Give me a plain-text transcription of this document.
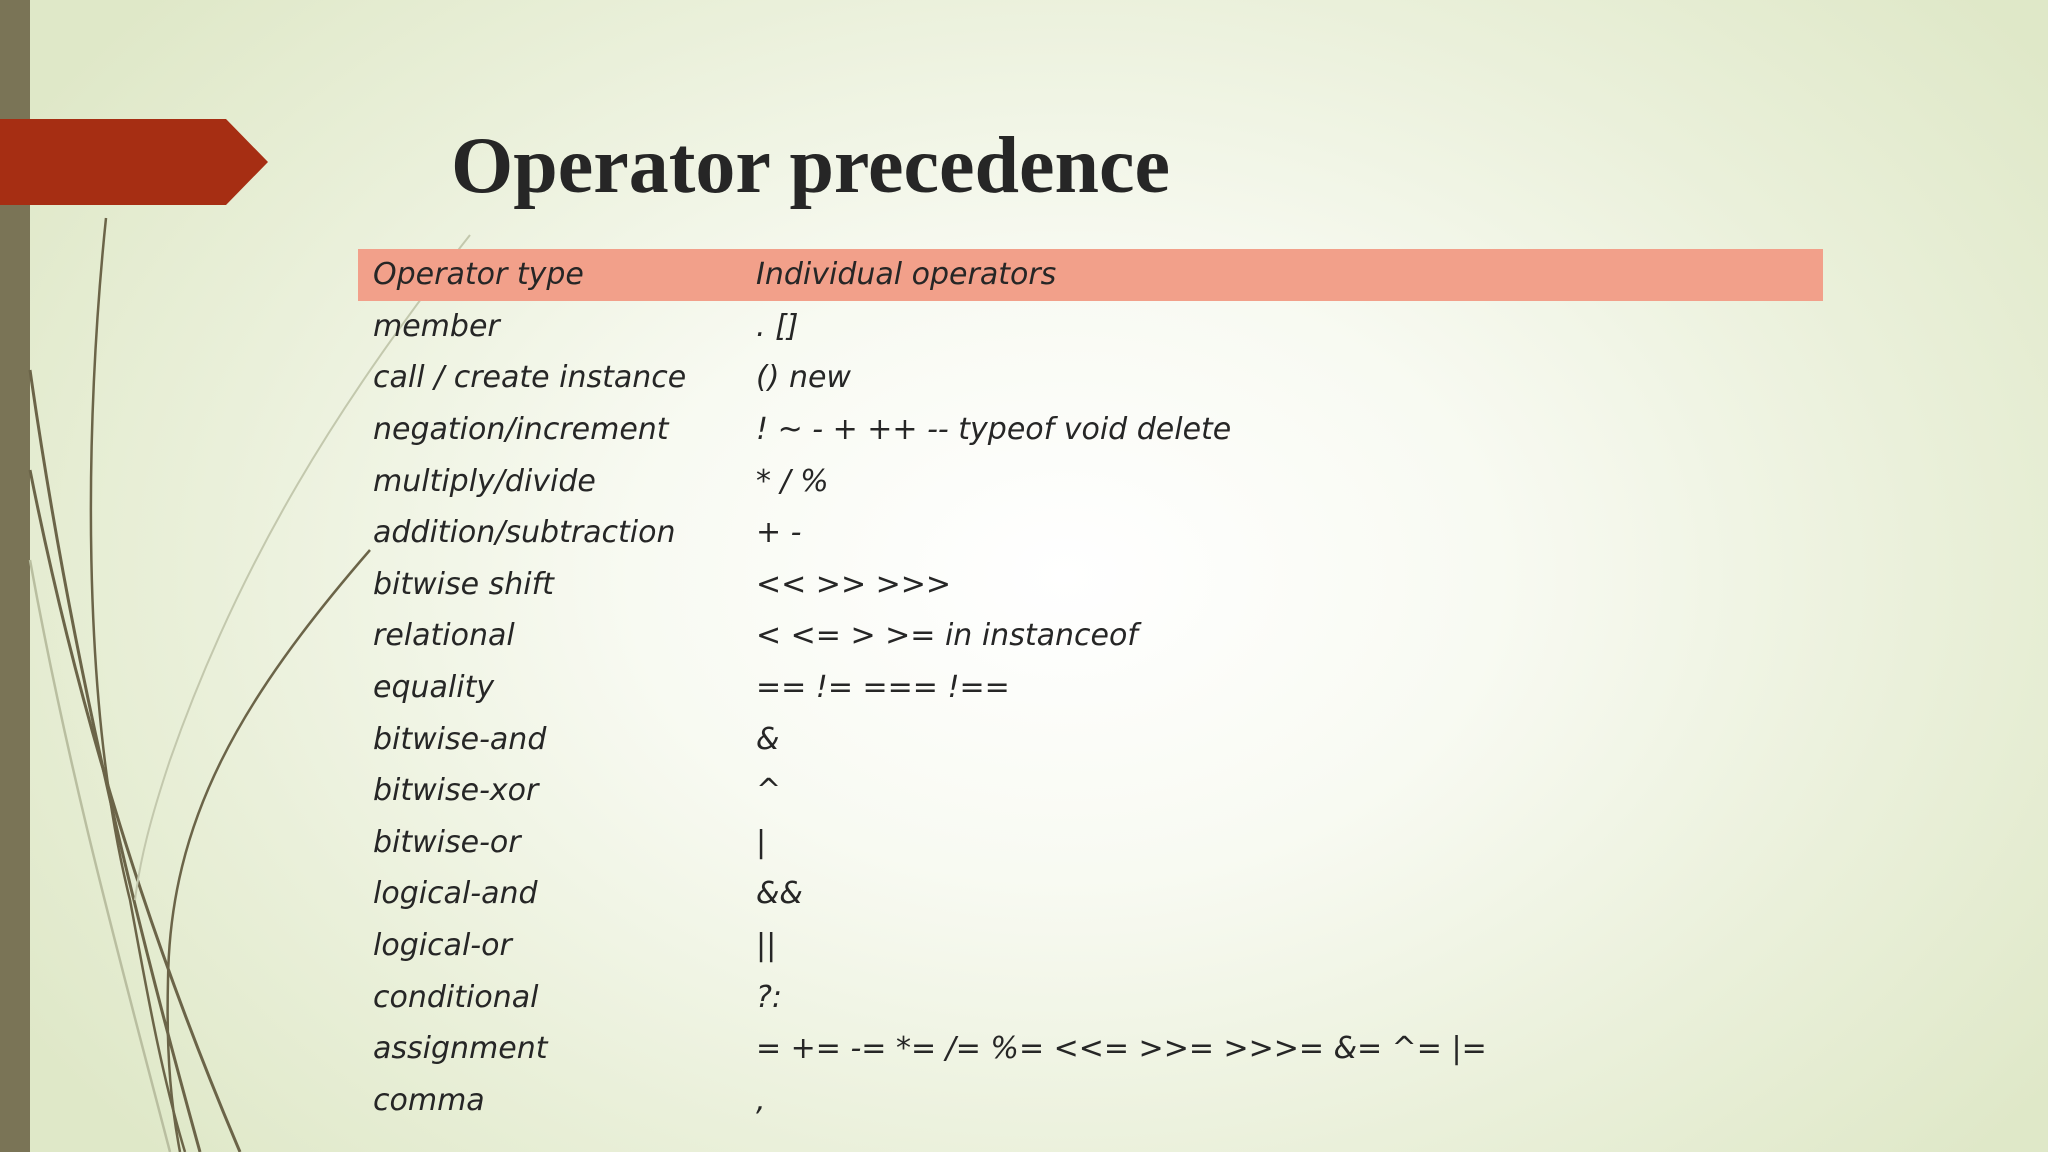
Operator precedence
Operator type	Individual operators
member	. []
call / create instance	() new
negation/increment	! ~ - + ++ -- typeof void delete
multiply/divide	* / %
addition/subtraction	+ -
bitwise shift	<< >> >>>
relational	< <= > >= in instanceof
equality	== != === !==
bitwise-and	&
bitwise-xor	^
bitwise-or	|
logical-and	&&
logical-or	||
conditional	?:
assignment	= += -= *= /= %= <<= >>= >>>= &= ^= |=
comma	,
